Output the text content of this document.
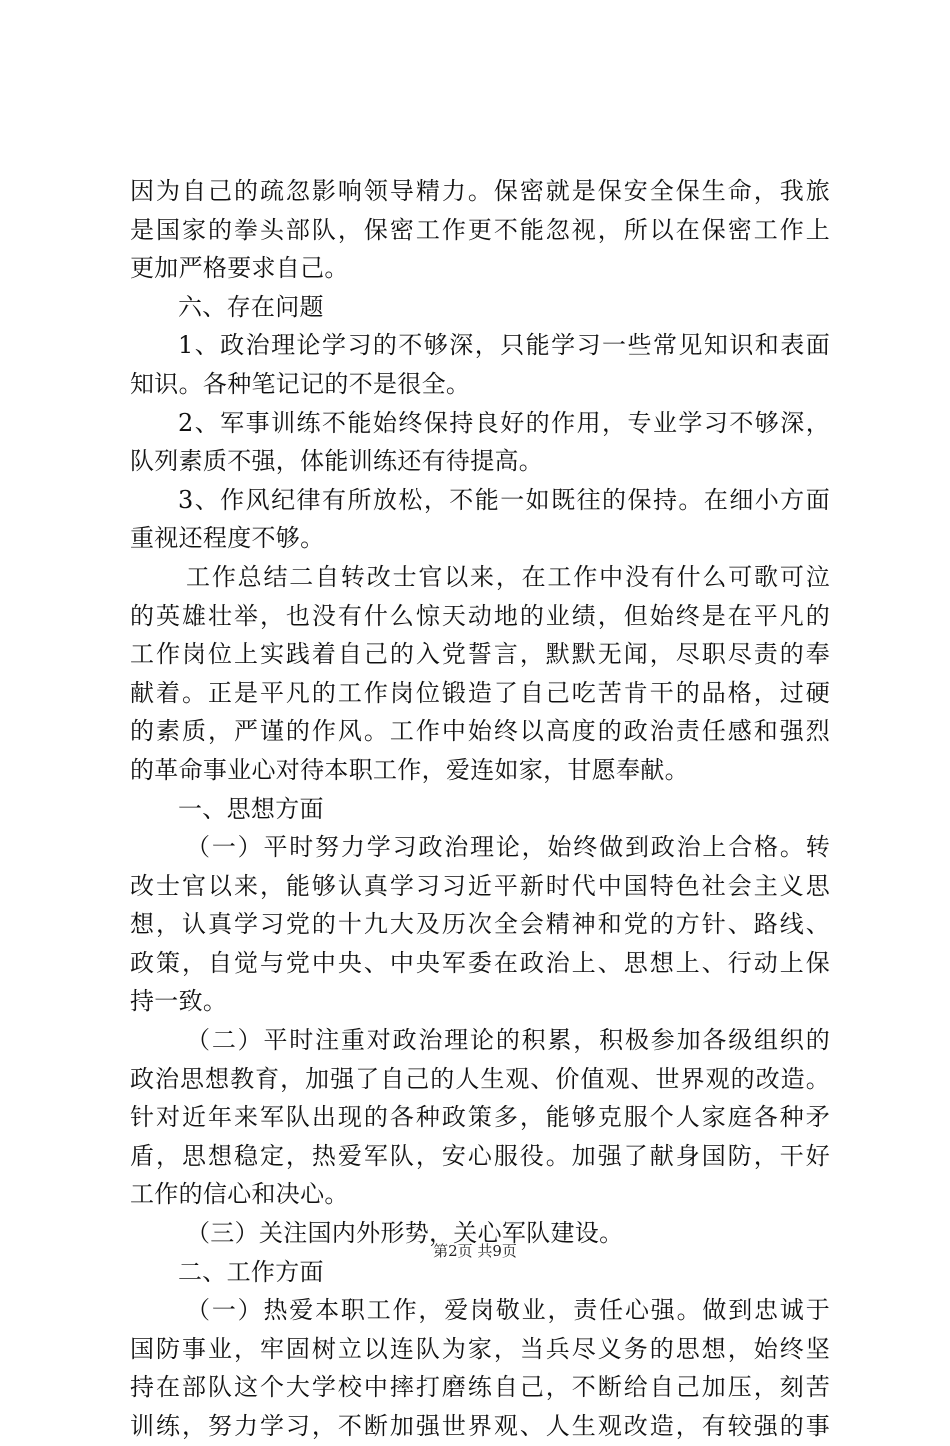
因为自己的疏忽影响领导精力。保密就是保安全保生命，我旅
是国家的拳头部队，保密工作更不能忽视，所以在保密工作上
更加严格要求自己。
六、存在问题
1、政治理论学习的不够深，只能学习一些常见知识和表面
知识。各种笔记记的不是很全。
2、军事训练不能始终保持良好的作用，专业学习不够深，
队列素质不强，体能训练还有待提高。
3、作风纪律有所放松，不能一如既往的保持。在细小方面
重视还程度不够。
工作总结二自转改士官以来，在工作中没有什么可歌可泣
的英雄壮举，也没有什么惊天动地的业绩，但始终是在平凡的
工作岗位上实践着自己的入党誓言，默默无闻，尽职尽责的奉
献着。正是平凡的工作岗位锻造了自己吃苦肯干的品格，过硬
的素质，严谨的作风。工作中始终以高度的政治责任感和强烈
的革命事业心对待本职工作，爱连如家，甘愿奉献。
一、思想方面
（一）平时努力学习政治理论，始终做到政治上合格。转
改士官以来，能够认真学习习近平新时代中国特色社会主义思
想，认真学习党的十九大及历次全会精神和党的方针、路线、
政策，自觉与党中央、中央军委在政治上、思想上、行动上保
持一致。
（二）平时注重对政治理论的积累，积极参加各级组织的
政治思想教育，加强了自己的人生观、价值观、世界观的改造。
针对近年来军队出现的各种政策多，能够克服个人家庭各种矛
盾，思想稳定，热爱军队，安心服役。加强了献身国防，干好
工作的信心和决心。
（三）关注国内外形势，关心军队建设。
二、工作方面
（一）热爱本职工作，爱岗敬业，责任心强。做到忠诚于
国防事业，牢固树立以连队为家，当兵尽义务的思想，始终坚
持在部队这个大学校中摔打磨练自己，不断给自己加压，刻苦
训练，努力学习，不断加强世界观、人生观改造，有较强的事
第2页 共9页
